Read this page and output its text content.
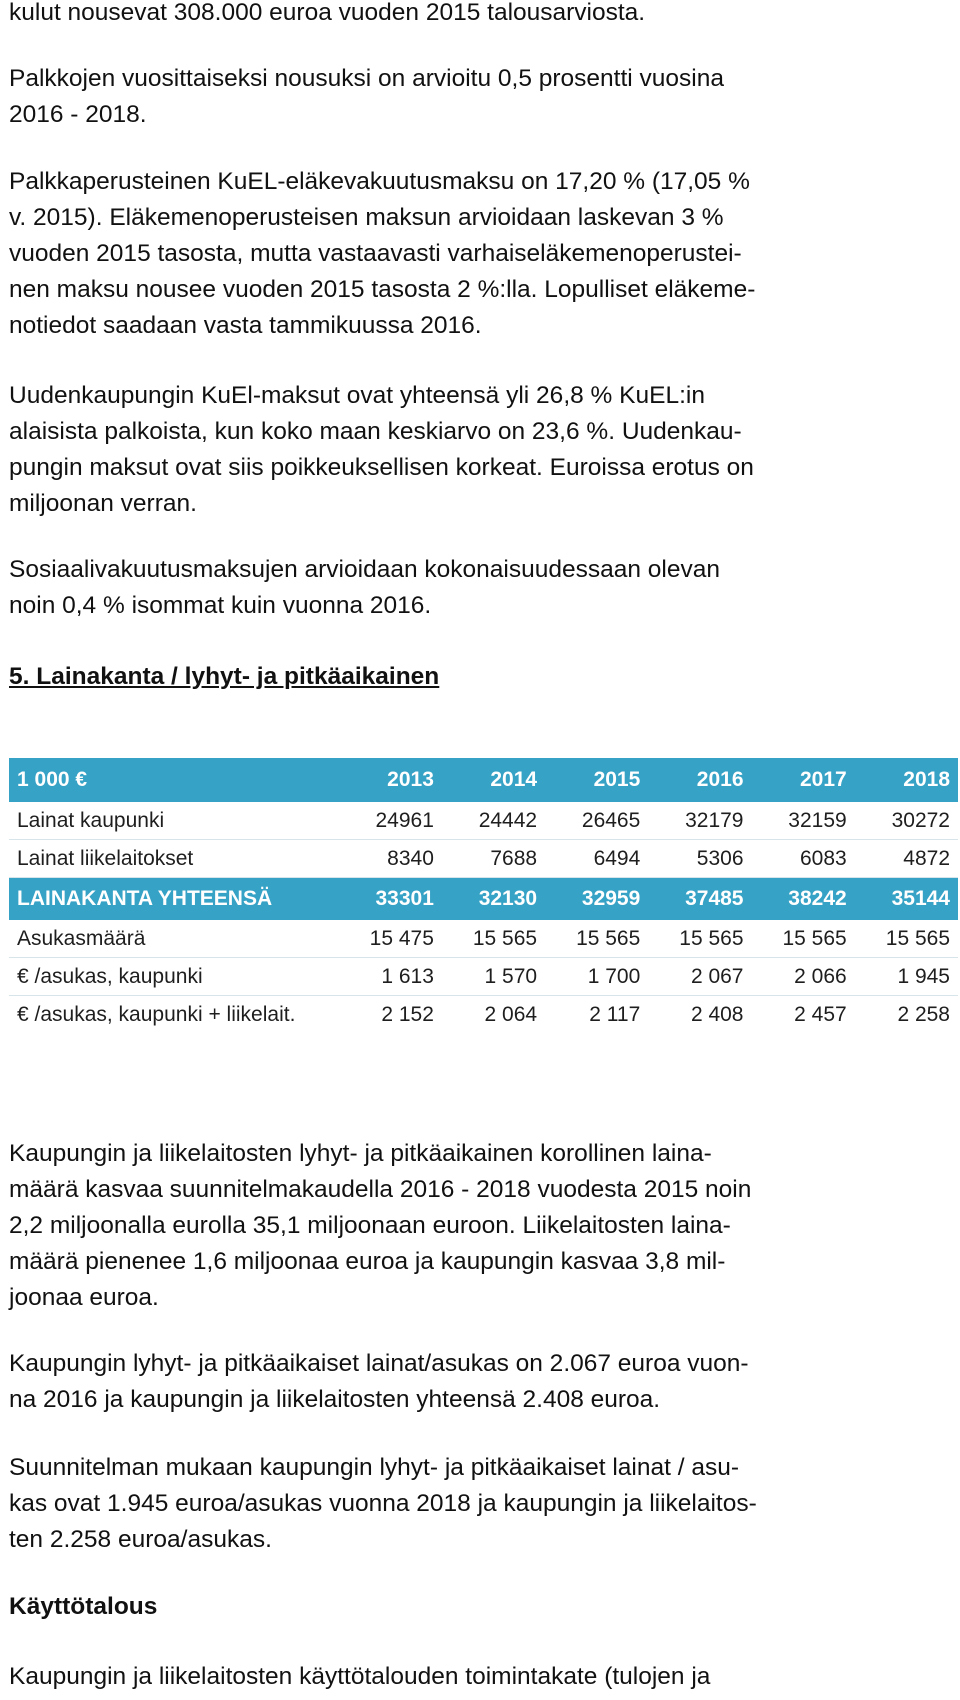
kulut nousevat 308.000 euroa vuoden 2015 talousarviosta.

Palkkojen vuosittaiseksi nousuksi on arvioitu 0,5 prosentti vuosina
2016 - 2018.

Palkkaperusteinen KuEL-eläkevakuutusmaksu on 17,20 % (17,05 %
v. 2015). Eläkemenoperusteisen maksun arvioidaan laskevan 3 %
vuoden 2015 tasosta, mutta vastaavasti varhaiseläkemenoperustei-
nen maksu nousee vuoden 2015 tasosta 2 %:lla. Lopulliset eläkeme-
notiedot saadaan vasta tammikuussa 2016.

Uudenkaupungin KuEl-maksut ovat yhteensä yli 26,8 % KuEL:in
alaisista palkoista, kun koko maan keskiarvo on 23,6 %. Uudenkau-
pungin maksut ovat siis poikkeuksellisen korkeat. Euroissa erotus on
miljoonan verran.

Sosiaalivakuutusmaksujen arvioidaan kokonaisuudessaan olevan
noin 0,4 % isommat kuin vuonna 2016.

5. Lainakanta / lyhyt- ja pitkäaikainen
1 000 €	2013	2014	2015	2016	2017	2018
Lainat kaupunki	24961	24442	26465	32179	32159	30272
Lainat liikelaitokset	8340	7688	6494	5306	6083	4872
LAINAKANTA YHTEENSÄ	33301	32130	32959	37485	38242	35144
Asukasmäärä	15 475	15 565	15 565	15 565	15 565	15 565
€ /asukas, kaupunki	1 613	1 570	1 700	2 067	2 066	1 945
€ /asukas, kaupunki + liikelait.	2 152	2 064	2 117	2 408	2 457	2 258

Kaupungin ja liikelaitosten lyhyt- ja pitkäaikainen korollinen laina-
määrä kasvaa suunnitelmakaudella 2016 - 2018 vuodesta 2015 noin
2,2 miljoonalla eurolla 35,1 miljoonaan euroon. Liikelaitosten laina-
määrä pienenee 1,6 miljoonaa euroa ja kaupungin kasvaa 3,8 mil-
joonaa euroa.

Kaupungin lyhyt- ja pitkäaikaiset lainat/asukas on 2.067 euroa vuon-
na 2016 ja kaupungin ja liikelaitosten yhteensä 2.408 euroa.

Suunnitelman mukaan kaupungin lyhyt- ja pitkäaikaiset lainat / asu-
kas ovat 1.945 euroa/asukas vuonna 2018 ja kaupungin ja liikelaitos-
ten 2.258 euroa/asukas.

Käyttötalous

Kaupungin ja liikelaitosten käyttötalouden toimintakate (tulojen ja
